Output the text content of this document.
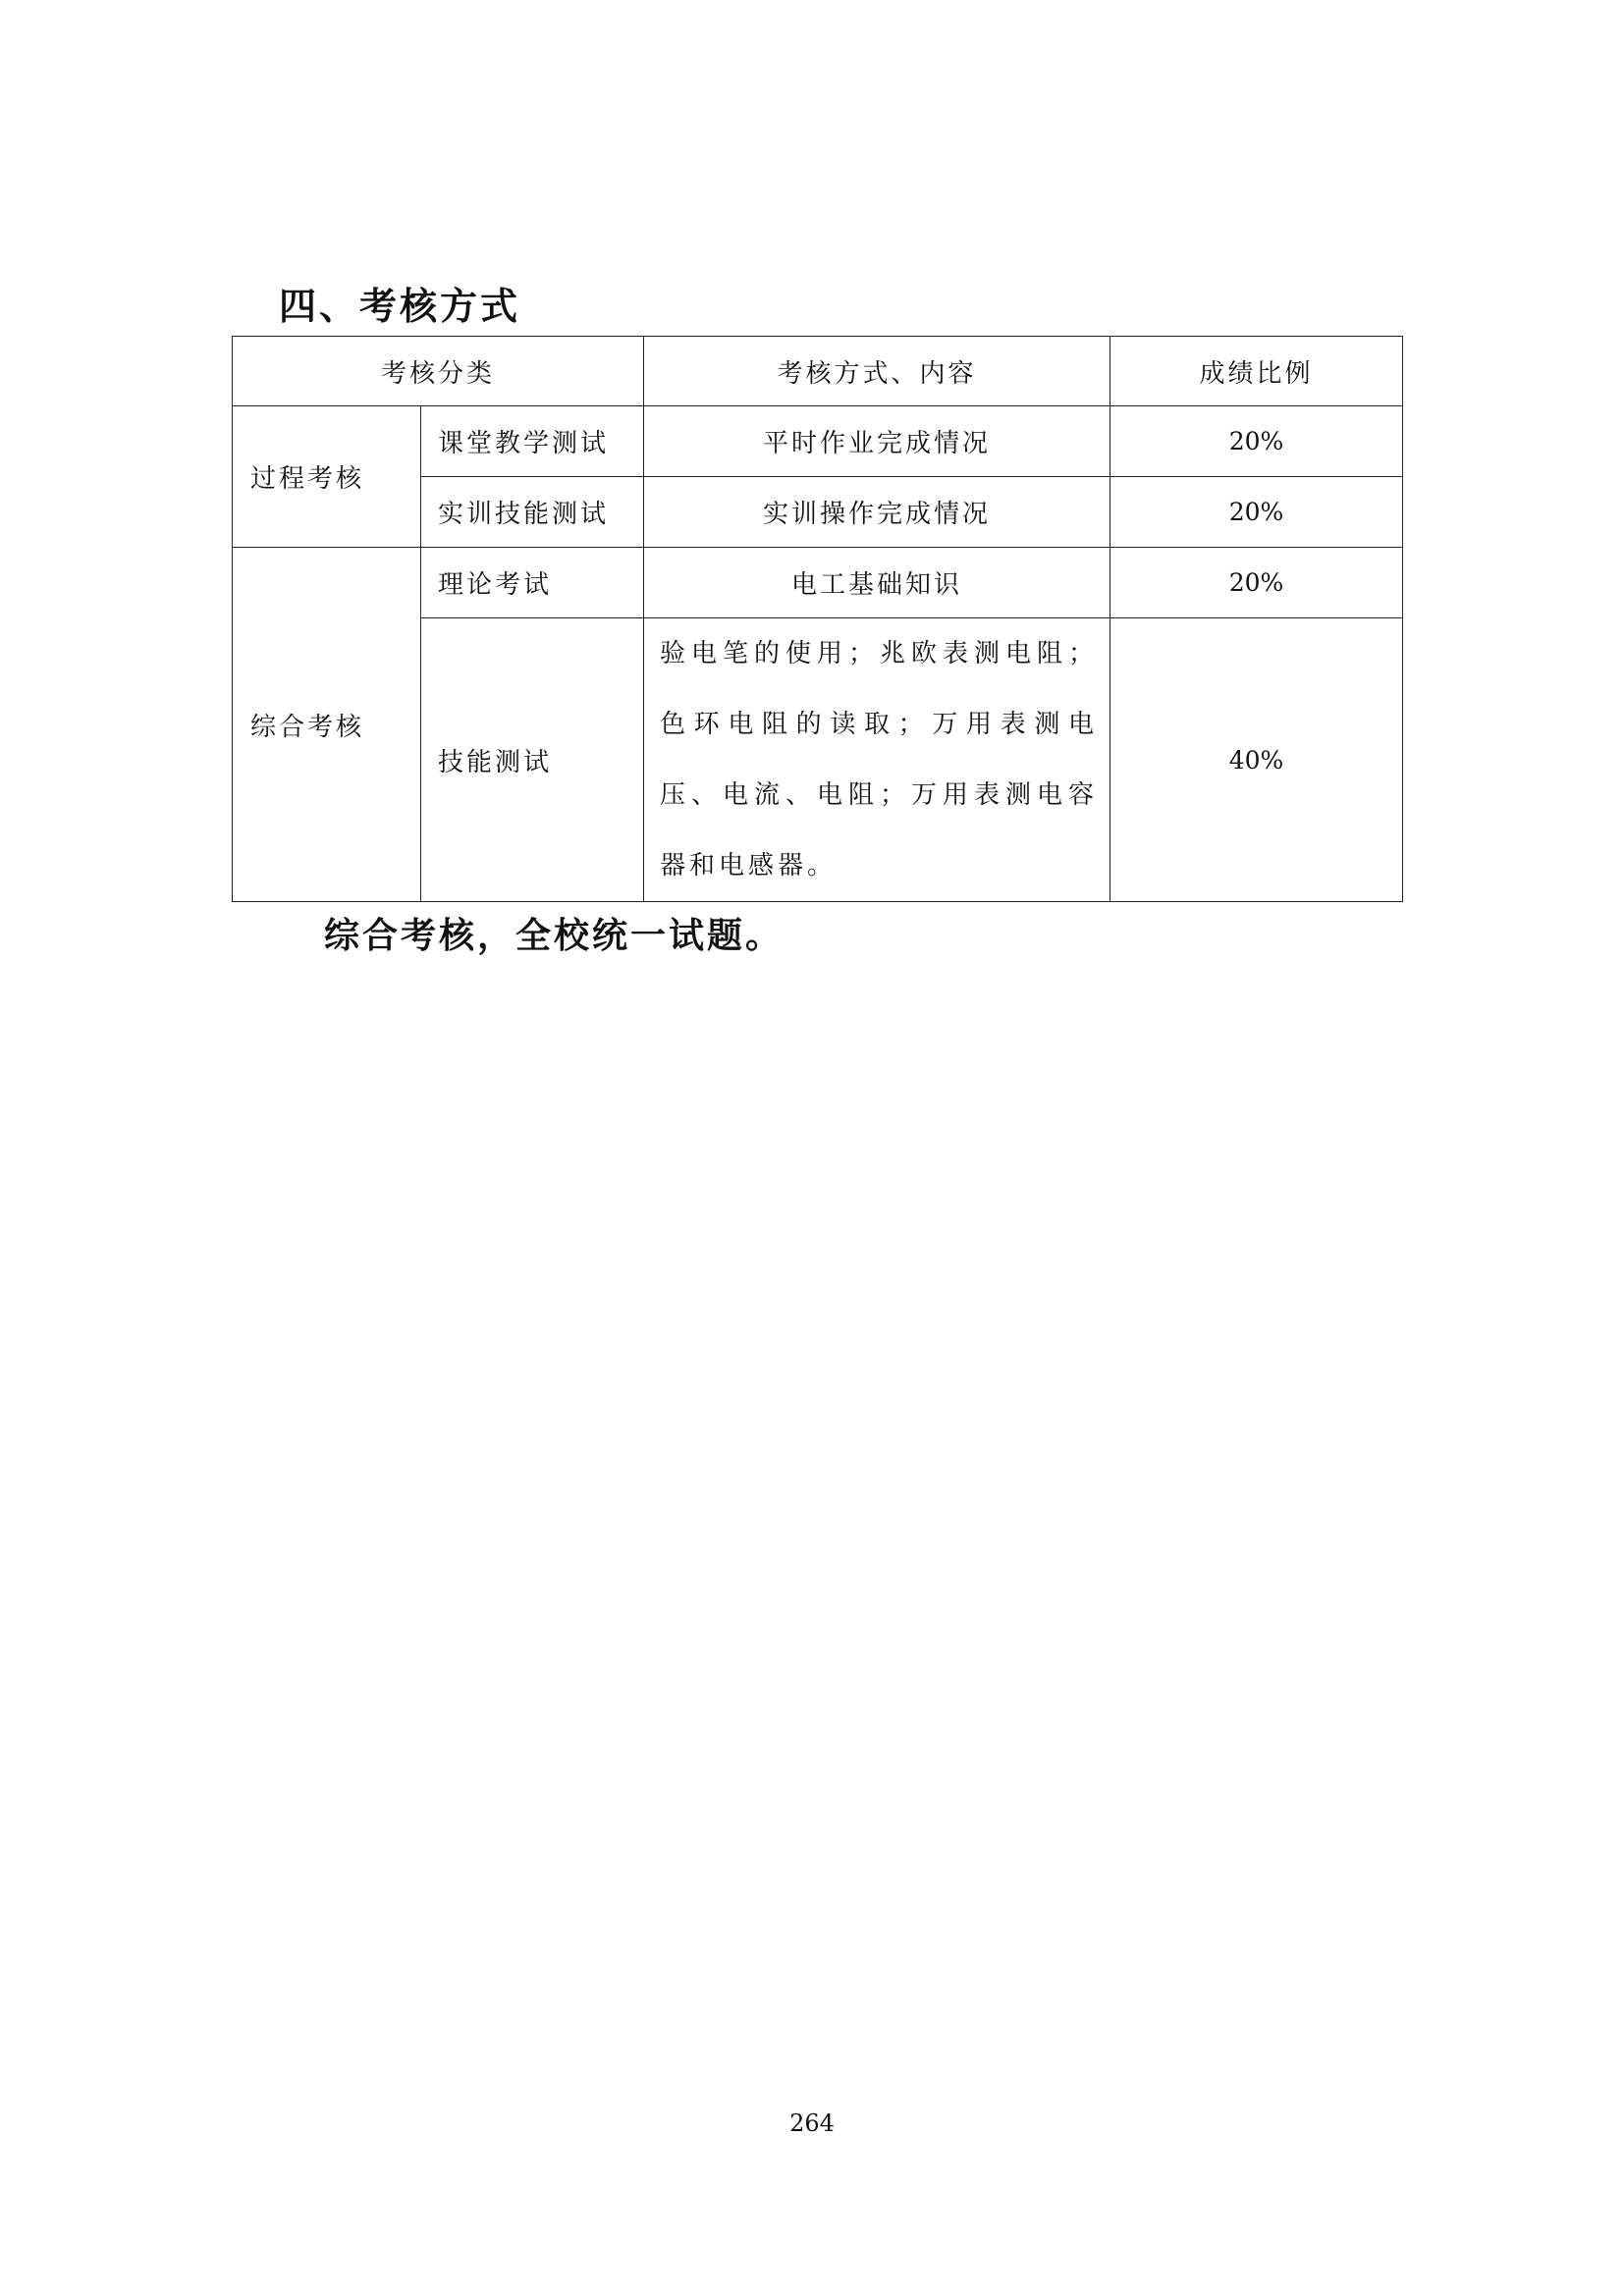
四、考核方式
考核分类		考核方式、内容	成绩比例
过程考核	课堂教学测试	平时作业完成情况	20%
	实训技能测试	实训操作完成情况	20%
综合考核	理论考试	电工基础知识	20%
	技能测试	验电笔的使用；兆欧表测电阻；色环电阻的读取；万用表测电压、电流、电阻；万用表测电容器和电感器。	40%
综合考核，全校统一试题。
264
